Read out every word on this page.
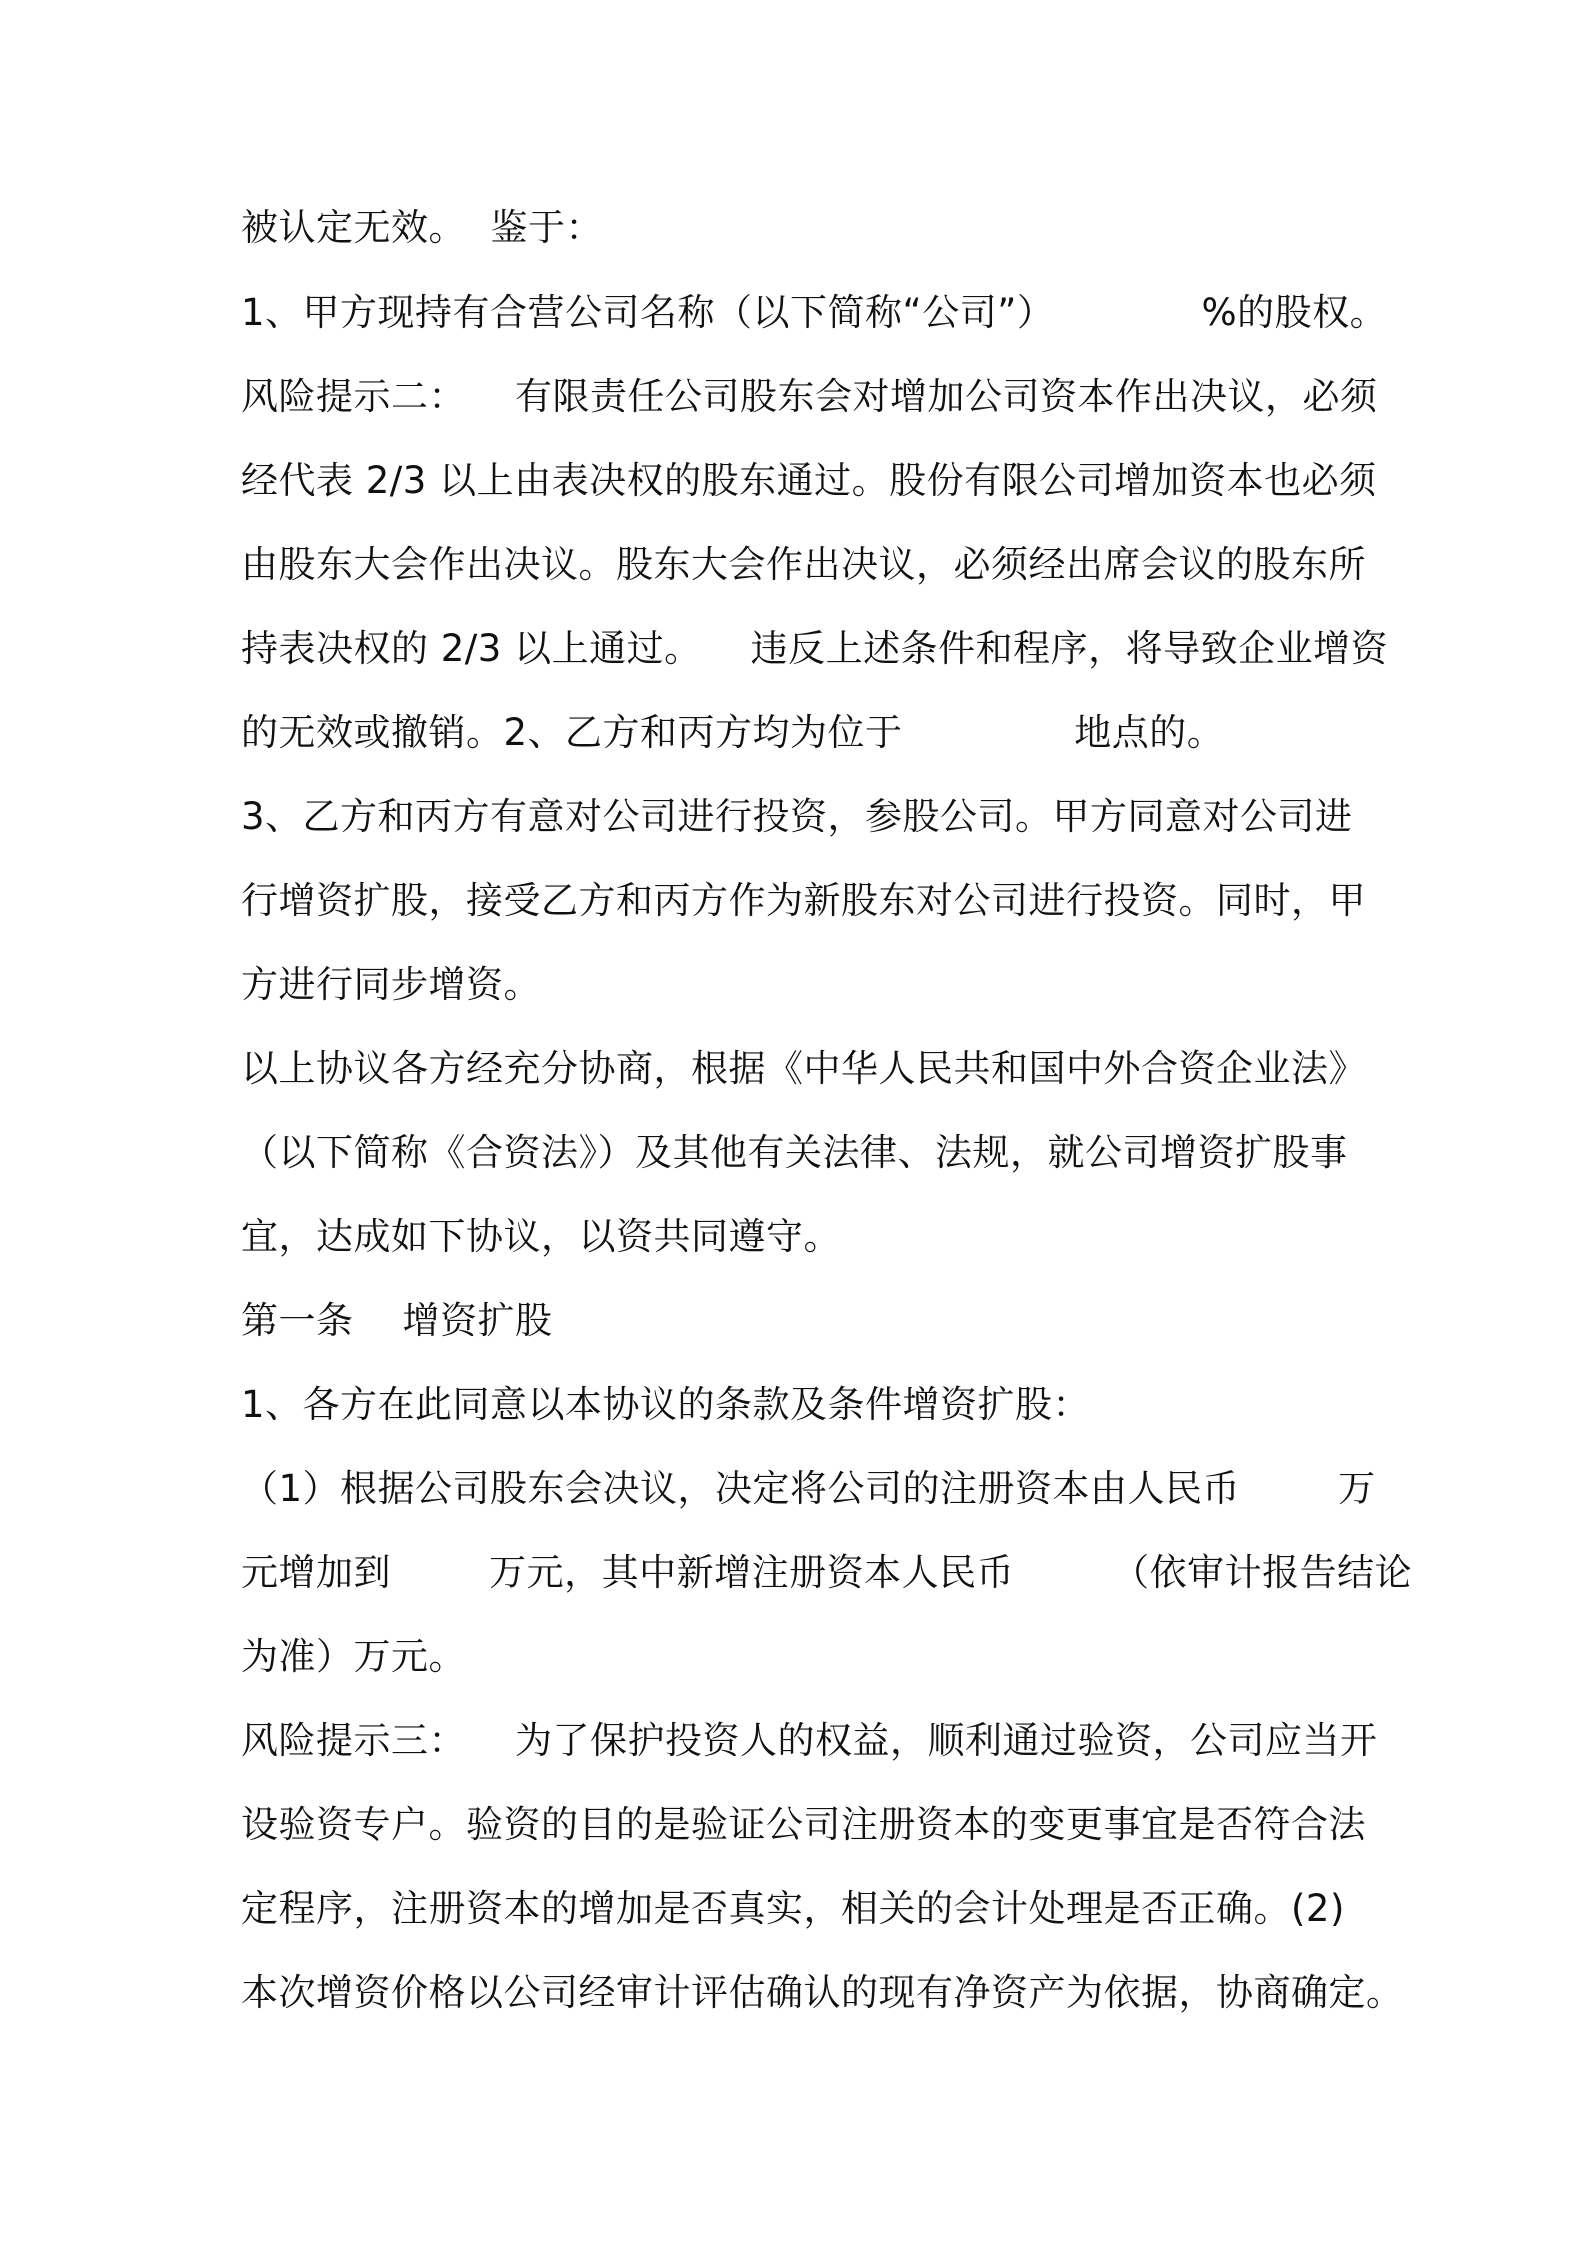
被认定无效。  鉴于：
1、甲方现持有合营公司名称（以下简称“公司”）            %的股权。
风险提示二：    有限责任公司股东会对增加公司资本作出决议，必须
经代表 2/3 以上由表决权的股东通过。股份有限公司增加资本也必须
由股东大会作出决议。股东大会作出决议，必须经出席会议的股东所
持表决权的 2/3 以上通过。    违反上述条件和程序，将导致企业增资
的无效或撤销。2、乙方和丙方均为位于              地点的。
3、乙方和丙方有意对公司进行投资，参股公司。甲方同意对公司进
行增资扩股，接受乙方和丙方作为新股东对公司进行投资。同时，甲
方进行同步增资。
以上协议各方经充分协商，根据《中华人民共和国中外合资企业法》
（以下简称《合资法》）及其他有关法律、法规，就公司增资扩股事
宜，达成如下协议，以资共同遵守。
第一条    增资扩股
1、各方在此同意以本协议的条款及条件增资扩股：
（1）根据公司股东会决议，决定将公司的注册资本由人民币        万
元增加到        万元，其中新增注册资本人民币        （依审计报告结论
为准）万元。
风险提示三：    为了保护投资人的权益，顺利通过验资，公司应当开
设验资专户。验资的目的是验证公司注册资本的变更事宜是否符合法
定程序，注册资本的增加是否真实，相关的会计处理是否正确。(2)
本次增资价格以公司经审计评估确认的现有净资产为依据，协商确定。
